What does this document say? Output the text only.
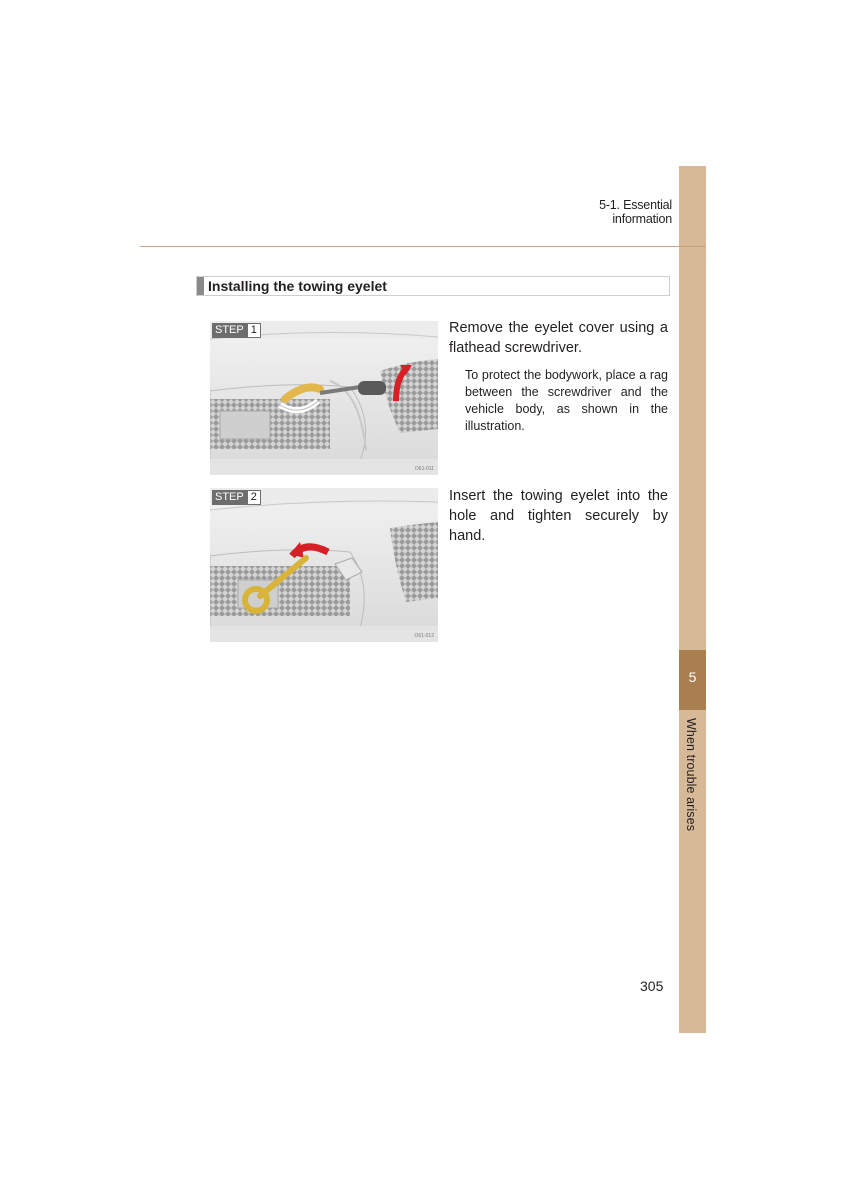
5
When trouble arises
5-1. Essential information
Installing the towing eyelet
STEP 1
O61-011
Remove the eyelet cover using a flathead screwdriver.
To protect the bodywork, place a rag between the screwdriver and the vehicle body, as shown in the illustration.
STEP 2
O61-012
Insert the towing eyelet into the hole and tighten securely by hand.
305
